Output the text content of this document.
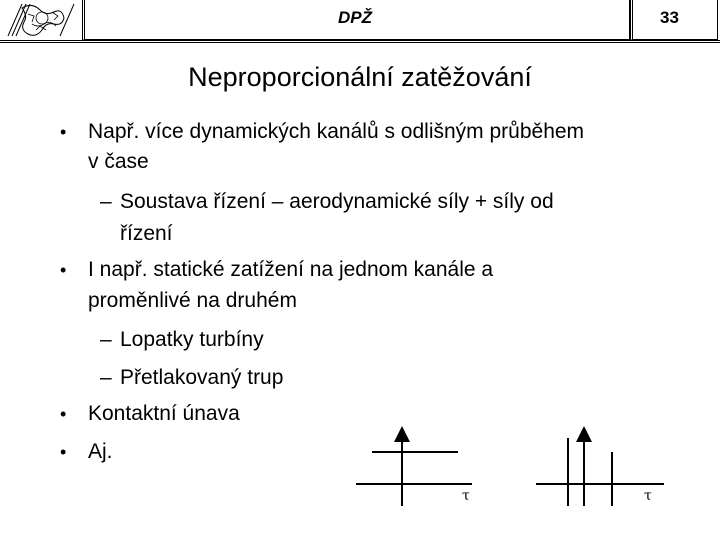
DPŽ	33
Neproporcionální zatěžování
• Např. více dynamických kanálů s odlišným průběhem
v čase
– Soustava řízení – aerodynamické síly + síly od
řízení
• I např. statické zatížení na jednom kanále a
proměnlivé na druhém
– Lopatky turbíny
– Přetlakovaný trup
• Kontaktní únava
• Aj.
τ	τ
